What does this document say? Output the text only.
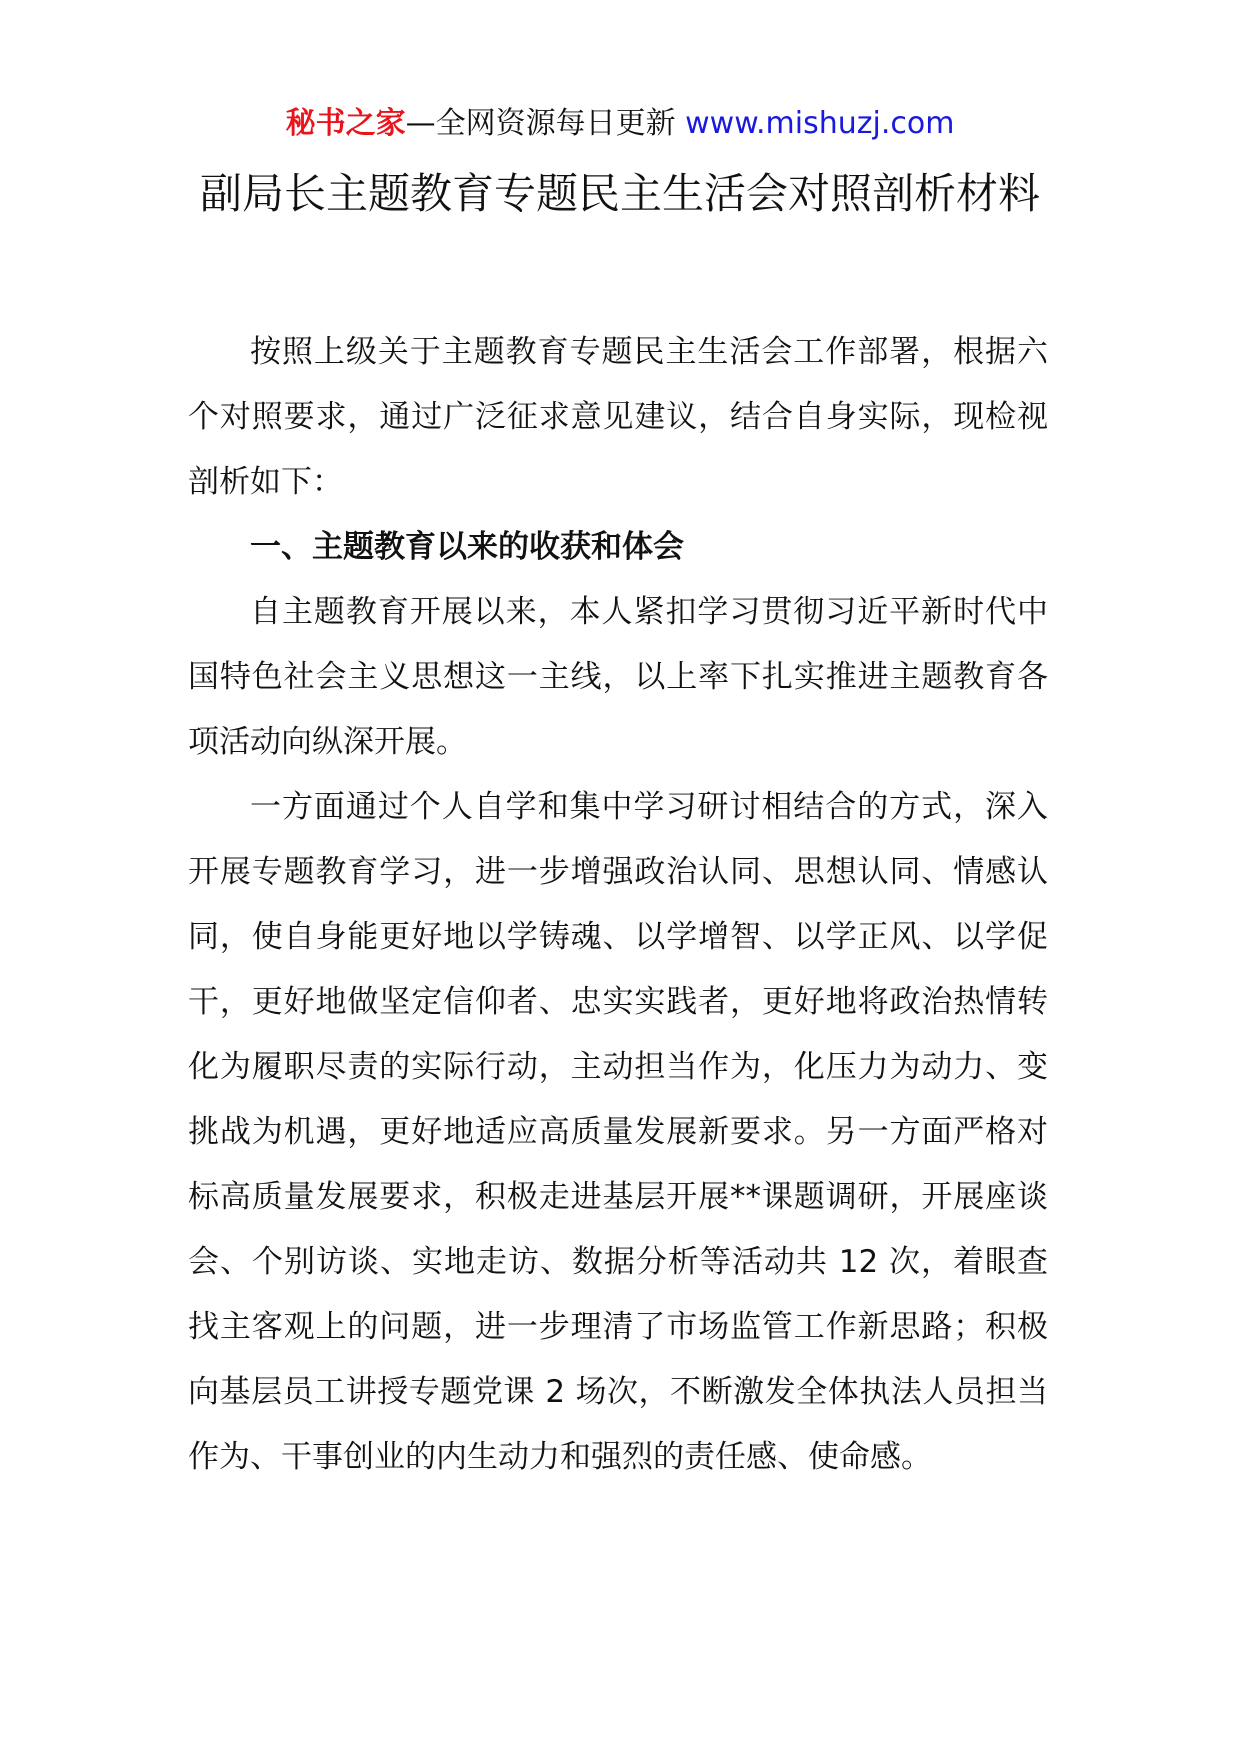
秘书之家—全网资源每日更新 www.mishuzj.com
副局长主题教育专题民主生活会对照剖析材料

按照上级关于主题教育专题民主生活会工作部署，根据六个对照要求，通过广泛征求意见建议，结合自身实际，现检视剖析如下：

一、主题教育以来的收获和体会

自主题教育开展以来，本人紧扣学习贯彻习近平新时代中国特色社会主义思想这一主线，以上率下扎实推进主题教育各项活动向纵深开展。

一方面通过个人自学和集中学习研讨相结合的方式，深入开展专题教育学习，进一步增强政治认同、思想认同、情感认同，使自身能更好地以学铸魂、以学增智、以学正风、以学促干，更好地做坚定信仰者、忠实实践者，更好地将政治热情转化为履职尽责的实际行动，主动担当作为，化压力为动力、变挑战为机遇，更好地适应高质量发展新要求。另一方面严格对标高质量发展要求，积极走进基层开展**课题调研，开展座谈会、个别访谈、实地走访、数据分析等活动共 12 次，着眼查找主客观上的问题，进一步理清了市场监管工作新思路；积极向基层员工讲授专题党课 2 场次，不断激发全体执法人员担当作为、干事创业的内生动力和强烈的责任感、使命感。
